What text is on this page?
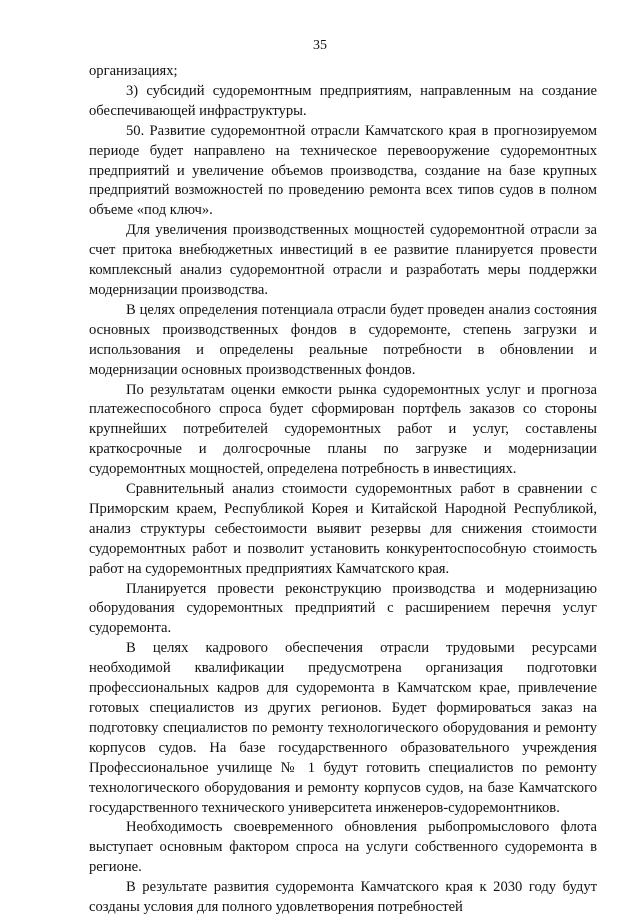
35

организациях;

3) субсидий судоремонтным предприятиям, направленным на создание обеспечивающей инфраструктуры.

50. Развитие судоремонтной отрасли Камчатского края в прогнозируемом периоде будет направлено на техническое перевооружение судоремонтных предприятий и увеличение объемов производства, создание на базе крупных предприятий возможностей по проведению ремонта всех типов судов в полном объеме «под ключ».

Для увеличения производственных мощностей судоремонтной отрасли за счет притока внебюджетных инвестиций в ее развитие планируется провести комплексный анализ судоремонтной отрасли и разработать меры поддержки модернизации производства.

В целях определения потенциала отрасли будет проведен анализ состояния основных производственных фондов в судоремонте, степень загрузки и использования и определены реальные потребности в обновлении и модернизации основных производственных фондов.

По результатам оценки емкости рынка судоремонтных услуг и прогноза платежеспособного спроса будет сформирован портфель заказов со стороны крупнейших потребителей судоремонтных работ и услуг, составлены краткосрочные и долгосрочные планы по загрузке и модернизации судоремонтных мощностей, определена потребность в инвестициях.

Сравнительный анализ стоимости судоремонтных работ в сравнении с Приморским краем, Республикой Корея и Китайской Народной Республикой, анализ структуры себестоимости выявит резервы для снижения стоимости судоремонтных работ и позволит установить конкурентоспособную стоимость работ на судоремонтных предприятиях Камчатского края.

Планируется провести реконструкцию производства и модернизацию оборудования судоремонтных предприятий с расширением перечня услуг судоремонта.

В целях кадрового обеспечения отрасли трудовыми ресурсами необходимой квалификации предусмотрена организация подготовки профессиональных кадров для судоремонта в Камчатском крае, привлечение готовых специалистов из других регионов. Будет формироваться заказ на подготовку специалистов по ремонту технологического оборудования и ремонту корпусов судов. На базе государственного образовательного учреждения Профессиональное училище № 1 будут готовить специалистов по ремонту технологического оборудования и ремонту корпусов судов, на базе Камчатского государственного технического университета инженеров-судоремонтников.

Необходимость своевременного обновления рыбопромыслового флота выступает основным фактором спроса на услуги собственного судоремонта в регионе.

В результате развития судоремонта Камчатского края к 2030 году будут созданы условия для полного удовлетворения потребностей
